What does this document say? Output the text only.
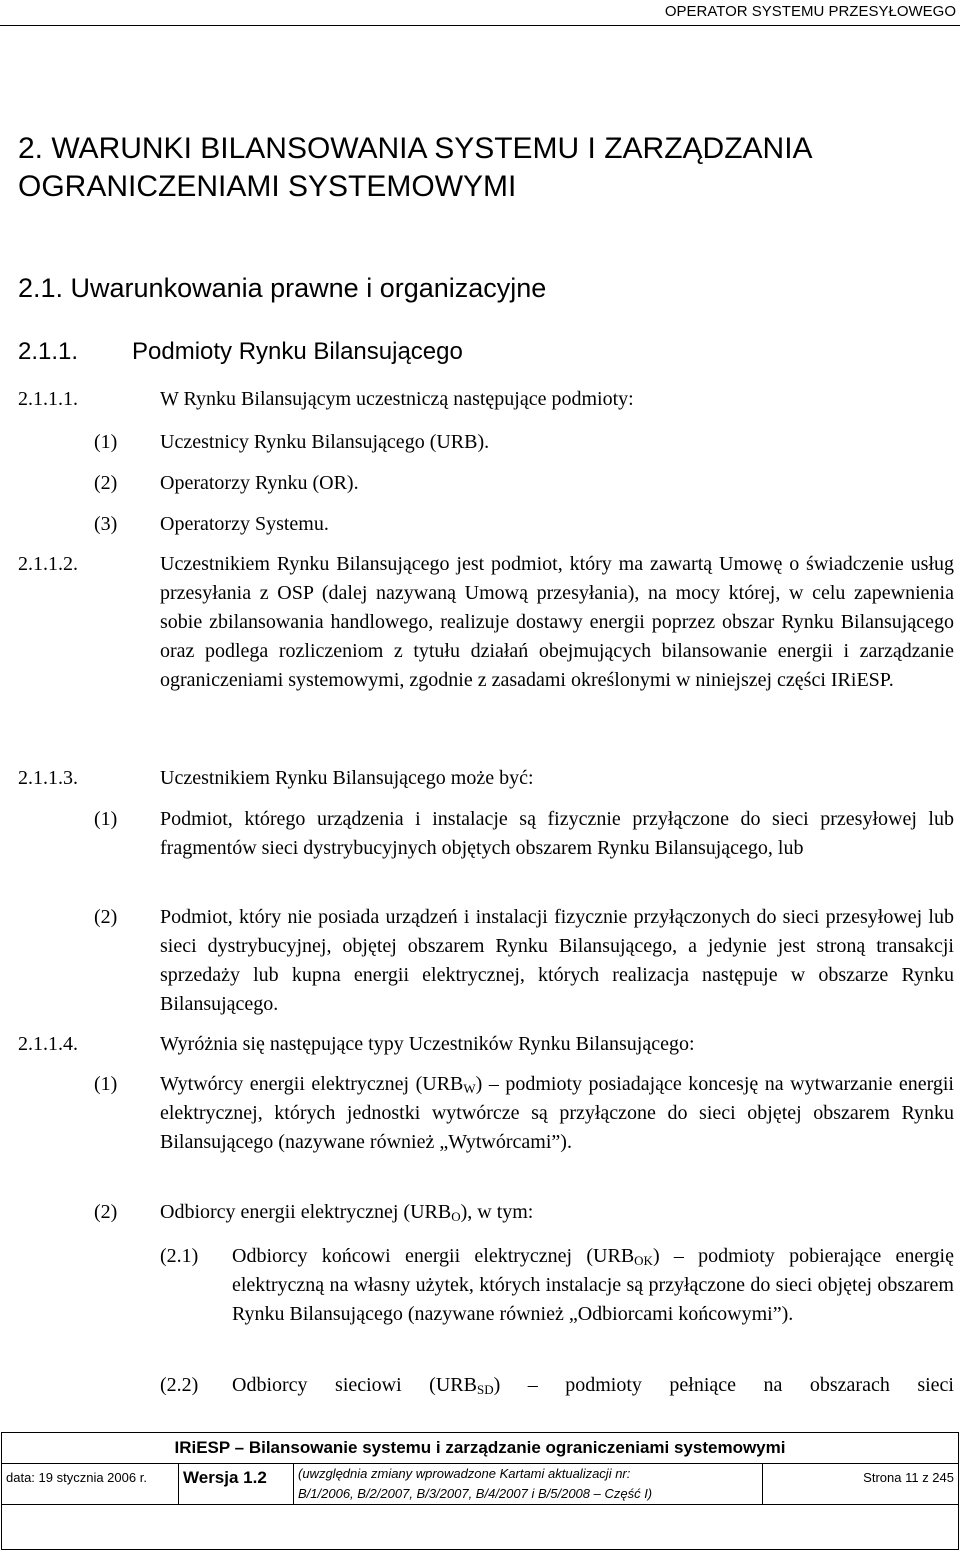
OPERATOR SYSTEMU PRZESYŁOWEGO
2. WARUNKI BILANSOWANIA SYSTEMU I ZARZĄDZANIA
OGRANICZENIAMI SYSTEMOWYMI
2.1. Uwarunkowania prawne i organizacyjne
2.1.1. Podmioty Rynku Bilansującego
2.1.1.1.	W Rynku Bilansującym uczestniczą następujące podmioty:
(1) Uczestnicy Rynku Bilansującego (URB).
(2) Operatorzy Rynku (OR).
(3) Operatorzy Systemu.
2.1.1.2.	Uczestnikiem Rynku Bilansującego jest podmiot, który ma zawartą Umowę o świadczenie usług przesyłania z OSP (dalej nazywaną Umową przesyłania), na mocy której, w celu zapewnienia sobie zbilansowania handlowego, realizuje dostawy energii poprzez obszar Rynku Bilansującego oraz podlega rozliczeniom z tytułu działań obejmujących bilansowanie energii i zarządzanie ograniczeniami systemowymi, zgodnie z zasadami określonymi w niniejszej części IRiESP.
2.1.1.3.	Uczestnikiem Rynku Bilansującego może być:
(1) Podmiot, którego urządzenia i instalacje są fizycznie przyłączone do sieci przesyłowej lub fragmentów sieci dystrybucyjnych objętych obszarem Rynku Bilansującego, lub
(2) Podmiot, który nie posiada urządzeń i instalacji fizycznie przyłączonych do sieci przesyłowej lub sieci dystrybucyjnej, objętej obszarem Rynku Bilansującego, a jedynie jest stroną transakcji sprzedaży lub kupna energii elektrycznej, których realizacja następuje w obszarze Rynku Bilansującego.
2.1.1.4.	Wyróżnia się następujące typy Uczestników Rynku Bilansującego:
(1) Wytwórcy energii elektrycznej $(URB_W)$ – podmioty posiadające koncesję na wytwarzanie energii elektrycznej, których jednostki wytwórcze są przyłączone do sieci objętej obszarem Rynku Bilansującego (nazywane również „Wytwórcami”).
(2) Odbiorcy energii elektrycznej $(URB_O)$, w tym:
(2.1) Odbiorcy końcowi energii elektrycznej $(URB_{OK})$ – podmioty pobierające energię elektryczną na własny użytek, których instalacje są przyłączone do sieci objętej obszarem Rynku Bilansującego (nazywane również „Odbiorcami końcowymi”).
(2.2) Odbiorcy sieciowi $(URB_{SD})$ – podmioty pełniące na obszarach sieci
IRiESP – Bilansowanie systemu i zarządzanie ograniczeniami systemowymi
data: 19 stycznia 2006 r.	Wersja 1.2	(uwzględnia zmiany wprowadzone Kartami aktualizacji nr:
B/1/2006, B/2/2007, B/3/2007, B/4/2007 i B/5/2008 – Część I)
	Strona 11 z 245
